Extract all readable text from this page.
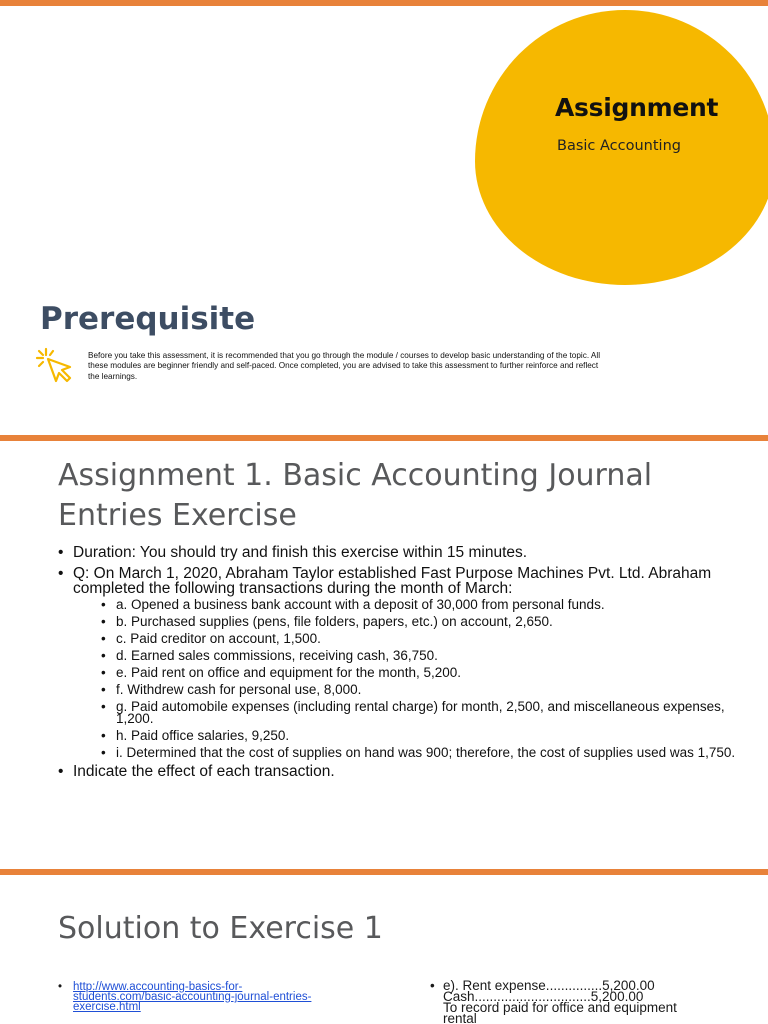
Assignment
Basic Accounting
Prerequisite
Before you take this assessment, it is recommended that you go through the module / courses to develop basic understanding of the topic. All these modules are beginner friendly and self-paced. Once completed, you are advised to take this assessment to further reinforce and reflect the learnings.
Assignment 1. Basic Accounting Journal Entries Exercise
• Duration: You should try and finish this exercise within 15 minutes.
• Q: On March 1, 2020, Abraham Taylor established Fast Purpose Machines Pvt. Ltd. Abraham completed the following transactions during the month of March:
• a. Opened a business bank account with a deposit of 30,000 from personal funds.
• b. Purchased supplies (pens, file folders, papers, etc.) on account, 2,650.
• c. Paid creditor on account, 1,500.
• d. Earned sales commissions, receiving cash, 36,750.
• e. Paid rent on office and equipment for the month, 5,200.
• f. Withdrew cash for personal use, 8,000.
• g. Paid automobile expenses (including rental charge) for month, 2,500, and miscellaneous expenses, 1,200.
• h. Paid office salaries, 9,250.
• i. Determined that the cost of supplies on hand was 900; therefore, the cost of supplies used was 1,750.
• Indicate the effect of each transaction.
Solution to Exercise 1
• http://www.accounting-basics-for-students.com/basic-accounting-journal-entries-exercise.html
• e). Rent expense...............5,200.00
Cash...............................5,200.00
To record paid for office and equipment
rental
